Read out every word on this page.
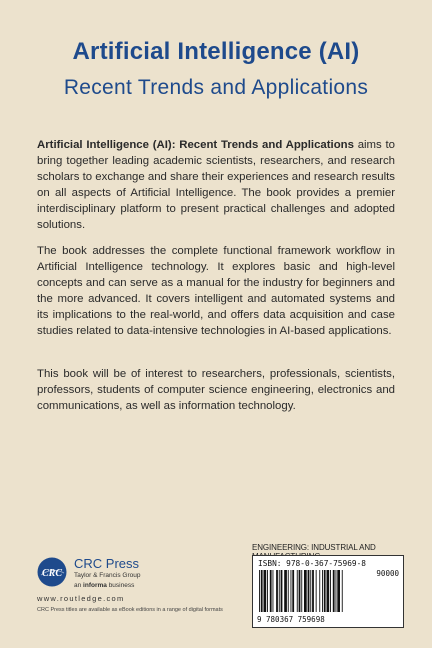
Artificial Intelligence (AI)
Recent Trends and Applications
Artificial Intelligence (AI): Recent Trends and Applications aims to bring together leading academic scientists, researchers, and research scholars to exchange and share their experiences and research results on all aspects of Artificial Intelligence. The book provides a premier interdisciplinary platform to present practical challenges and adopted solutions.
The book addresses the complete functional framework workflow in Artificial Intelligence technology. It explores basic and high-level concepts and can serve as a manual for the industry for beginners and the more advanced. It covers intelligent and automated systems and its implications to the real-world, and offers data acquisition and case studies related to data-intensive technologies in AI-based applications.
This book will be of interest to researchers, professionals, scientists, professors, students of computer science engineering, electronics and communications, as well as information technology.
CRC
CRC Press
Taylor & Francis Group
an informa business
www.routledge.com
CRC Press titles are available as eBook editions in a range of digital formats
ENGINEERING: INDUSTRIAL AND
ISBN: 978-0-367-75969-8
90000
9 780367 759698
